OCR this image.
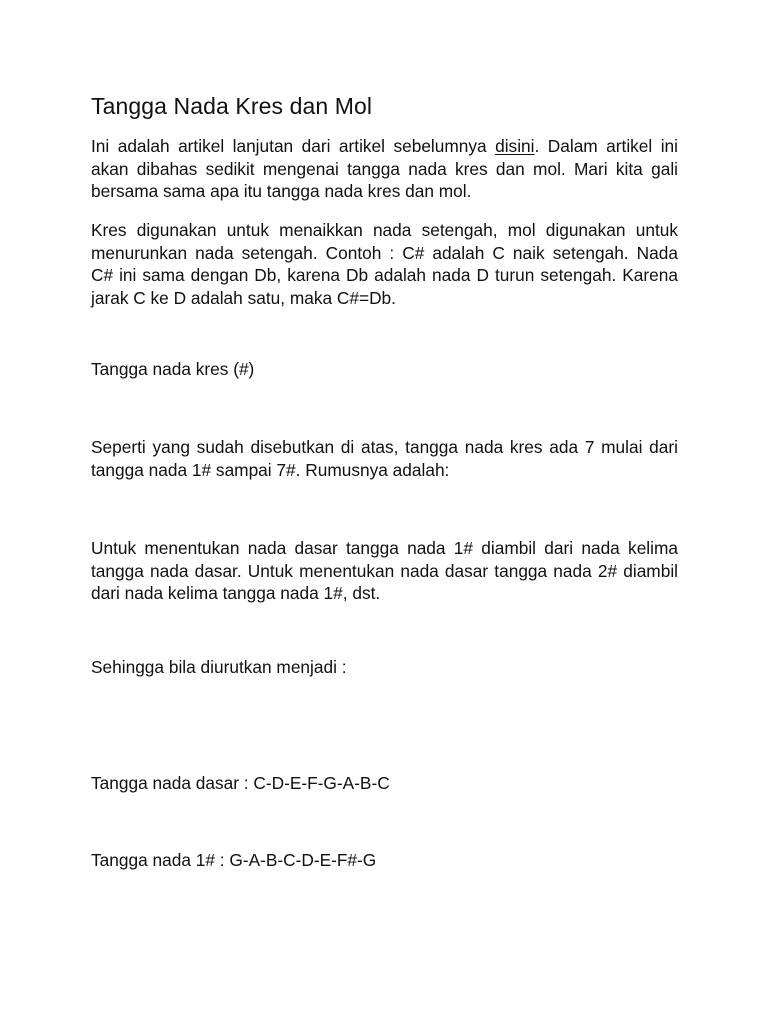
Tangga Nada Kres dan Mol
Ini adalah artikel lanjutan dari artikel sebelumnya disini. Dalam artikel ini
akan dibahas sedikit mengenai tangga nada kres dan mol. Mari kita gali
bersama sama apa itu tangga nada kres dan mol.
Kres digunakan untuk menaikkan nada setengah, mol digunakan untuk
menurunkan nada setengah. Contoh : C# adalah C naik setengah. Nada
C# ini sama dengan Db, karena Db adalah nada D turun setengah. Karena
jarak C ke D adalah satu, maka C#=Db.

Tangga nada kres (#)

Seperti yang sudah disebutkan di atas, tangga nada kres ada 7 mulai dari
tangga nada 1# sampai 7#. Rumusnya adalah:
Untuk menentukan nada dasar tangga nada 1# diambil dari nada kelima
tangga nada dasar. Untuk menentukan nada dasar tangga nada 2# diambil
dari nada kelima tangga nada 1#, dst.

Sehingga bila diurutkan menjadi :

Tangga nada dasar : C-D-E-F-G-A-B-C

Tangga nada 1# : G-A-B-C-D-E-F#-G
